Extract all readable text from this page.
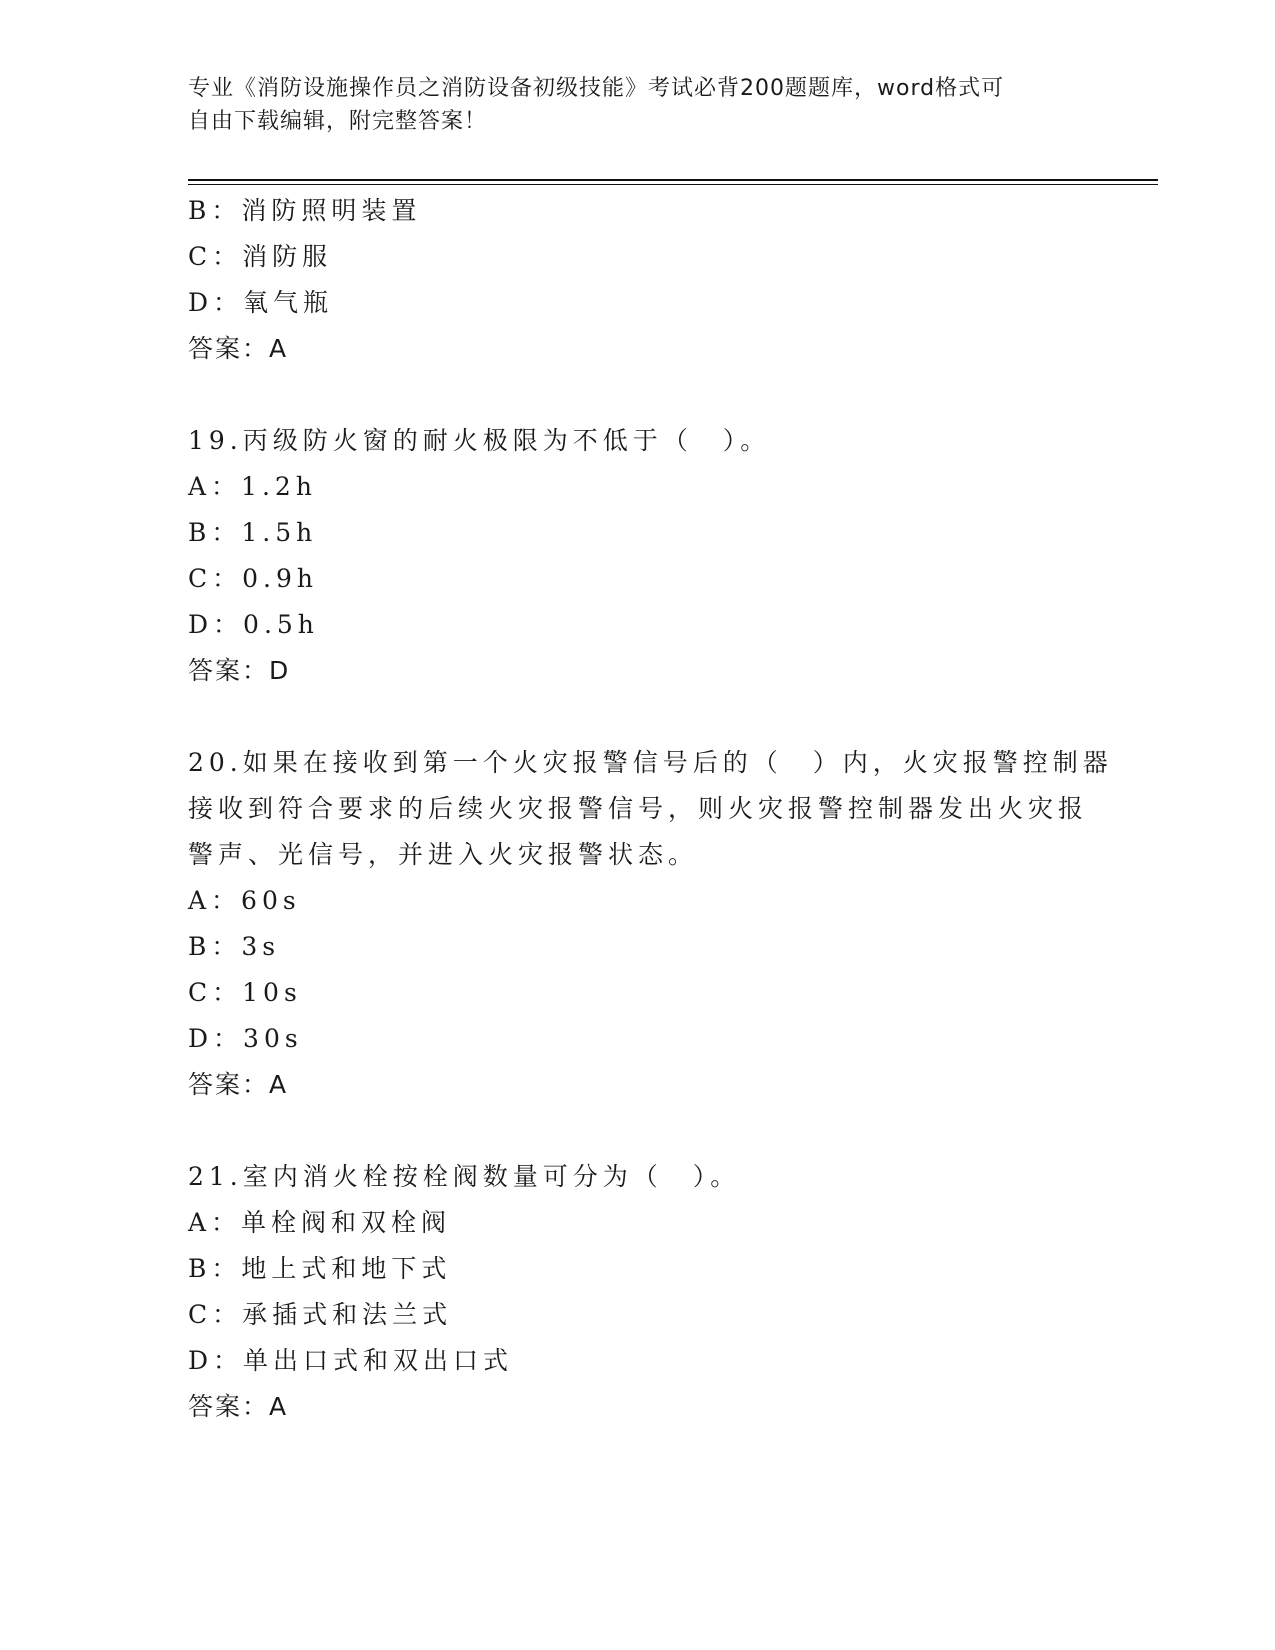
专业《消防设施操作员之消防设备初级技能》考试必背200题题库，word格式可
自由下载编辑，附完整答案！
B：消防照明装置
C：消防服
D：氧气瓶
答案：A
19.丙级防火窗的耐火极限为不低于（　）。
A：1.2h
B：1.5h
C：0.9h
D：0.5h
答案：D
20.如果在接收到第一个火灾报警信号后的（　）内，火灾报警控制器
接收到符合要求的后续火灾报警信号，则火灾报警控制器发出火灾报
警声、光信号，并进入火灾报警状态。
A：60s
B：3s
C：10s
D：30s
答案：A
21.室内消火栓按栓阀数量可分为（　）。
A：单栓阀和双栓阀
B：地上式和地下式
C：承插式和法兰式
D：单出口式和双出口式
答案：A
